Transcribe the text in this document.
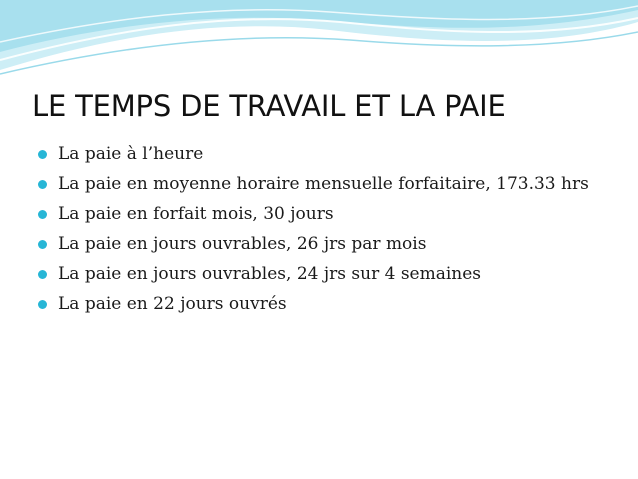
LE TEMPS DE TRAVAIL ET LA PAIE
La paie à l’heure
La paie en moyenne horaire mensuelle forfaitaire, 173.33 hrs
La paie en forfait mois, 30 jours
La paie en jours ouvrables, 26 jrs par mois
La paie en jours ouvrables, 24 jrs sur 4 semaines
La paie en 22 jours ouvrés
